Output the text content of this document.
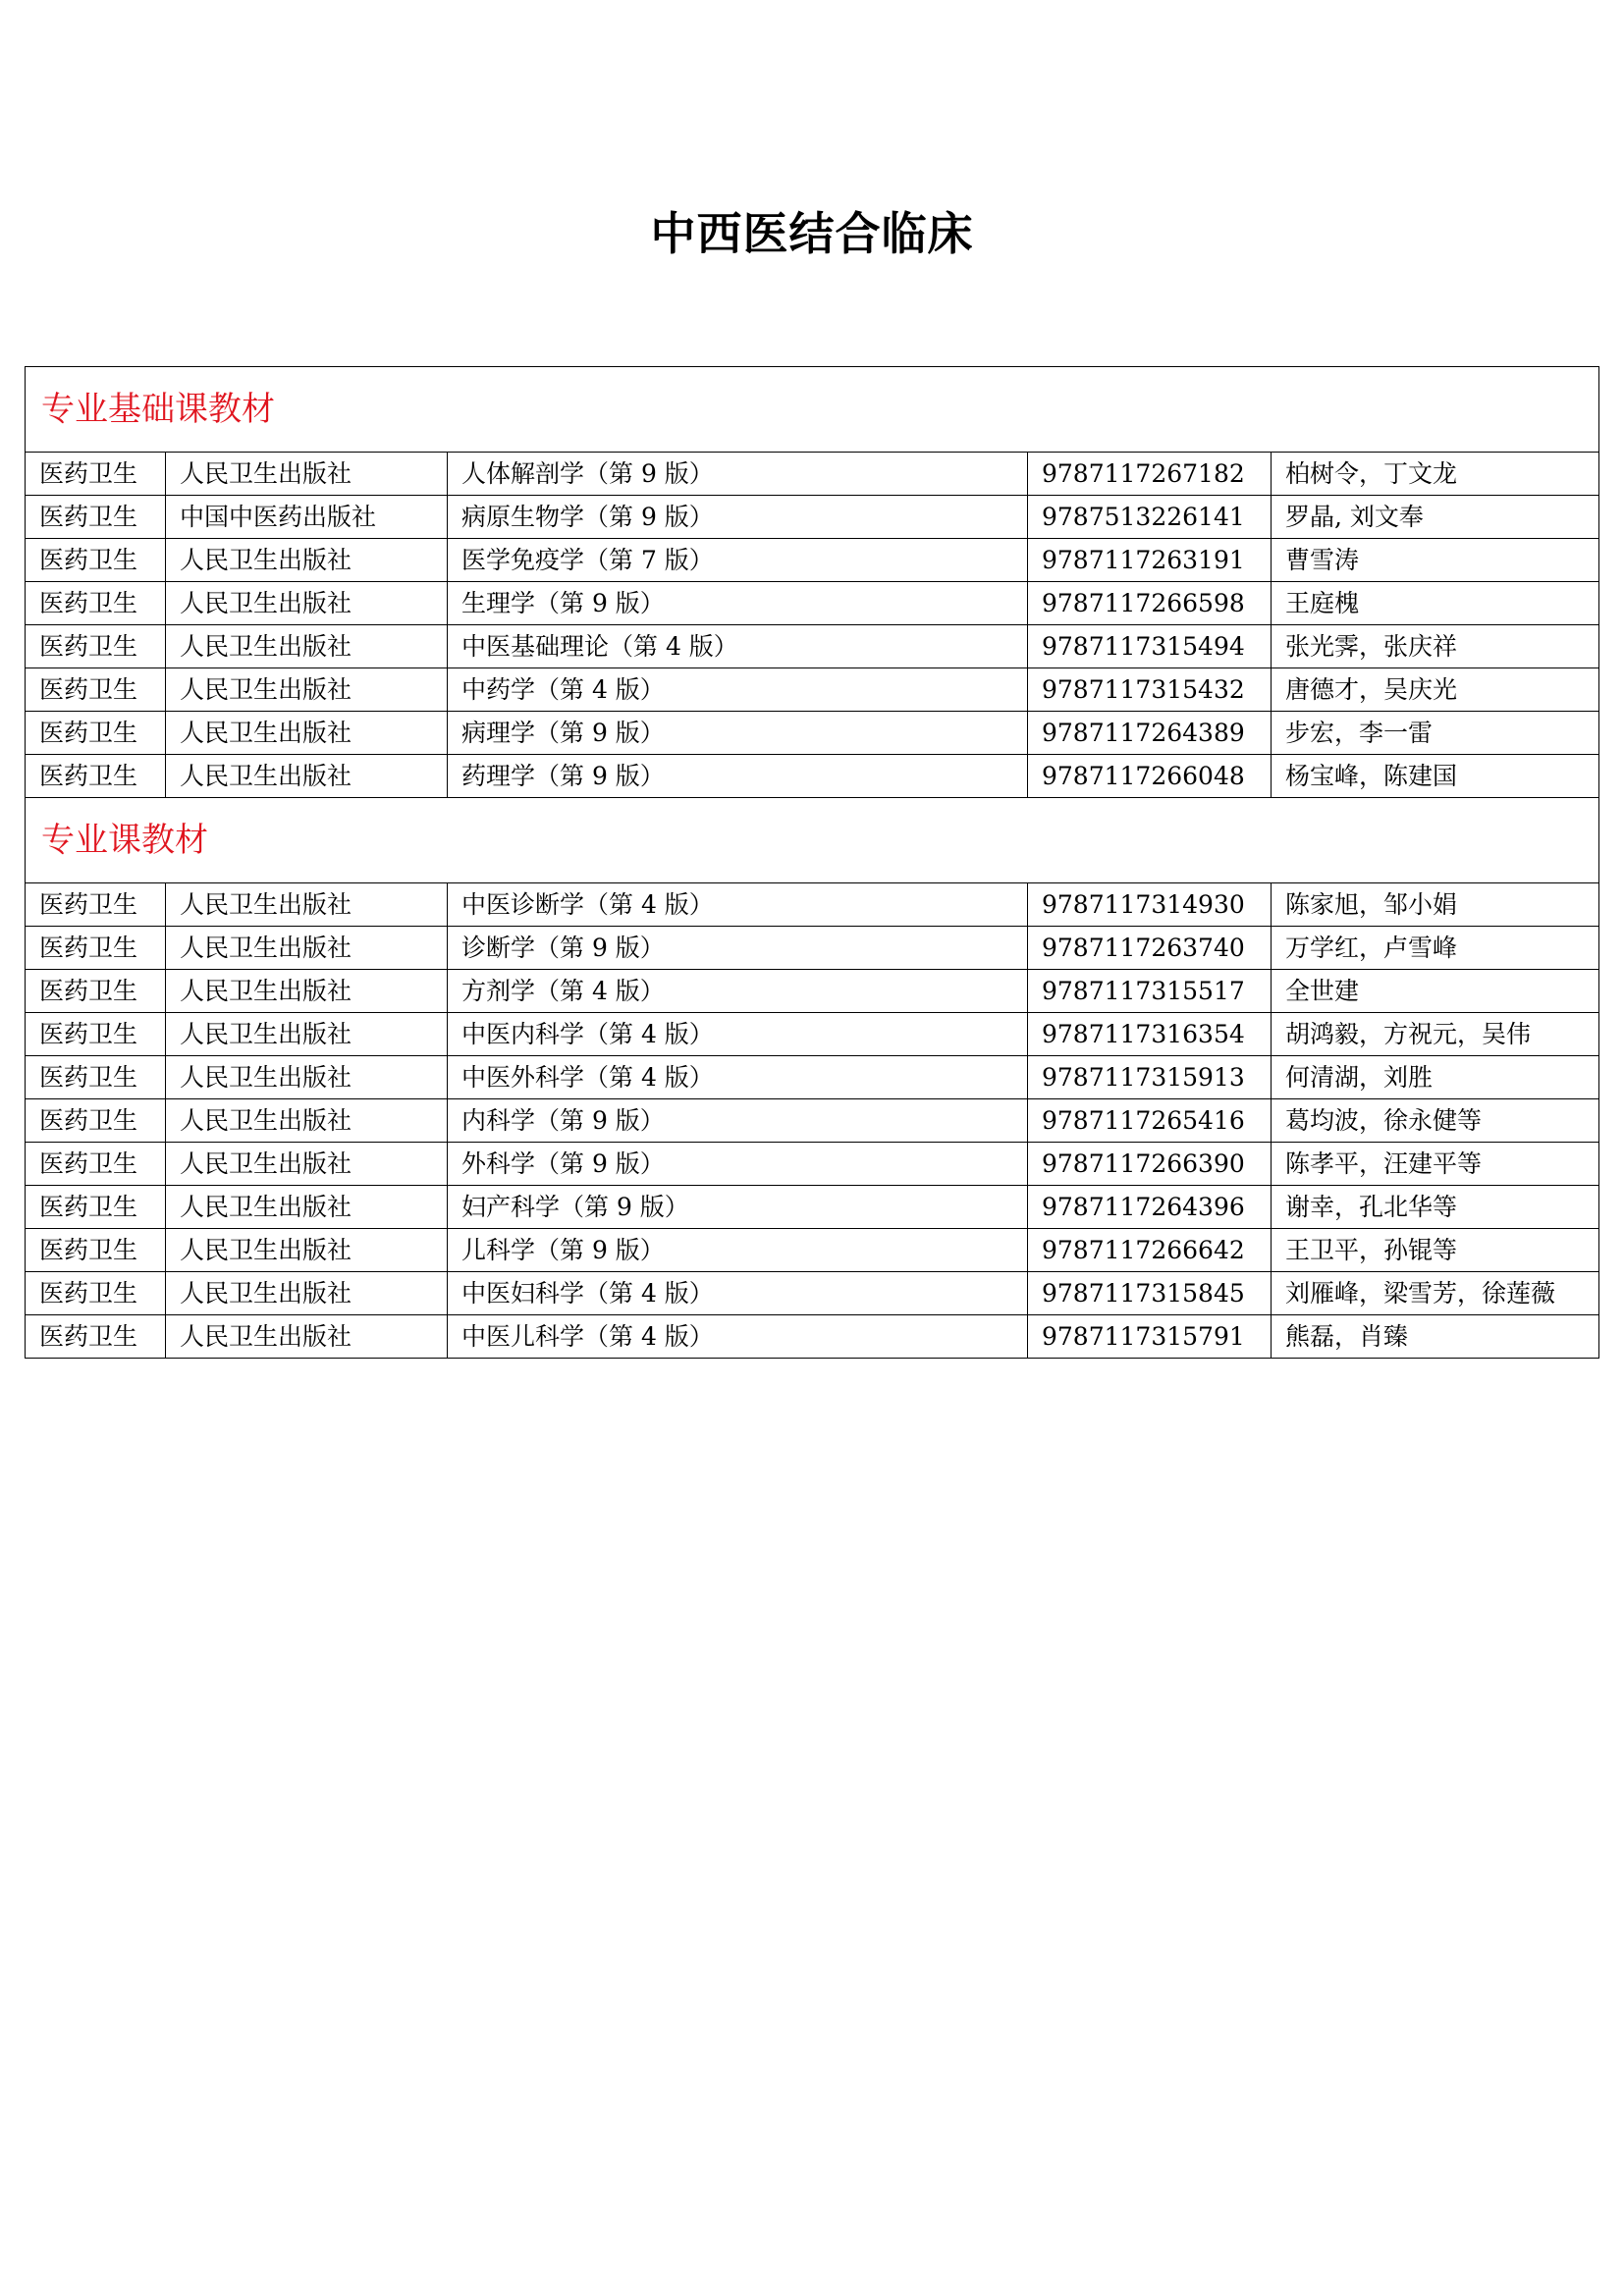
中西医结合临床
专业基础课教材				
医药卫生	人民卫生出版社	人体解剖学（第 9 版）	9787117267182	柏树令，丁文龙
医药卫生	中国中医药出版社	病原生物学（第 9 版）	9787513226141	罗晶, 刘文奉
医药卫生	人民卫生出版社	医学免疫学（第 7 版）	9787117263191	曹雪涛
医药卫生	人民卫生出版社	生理学（第 9 版）	9787117266598	王庭槐
医药卫生	人民卫生出版社	中医基础理论（第 4 版）	9787117315494	张光霁，张庆祥
医药卫生	人民卫生出版社	中药学（第 4 版）	9787117315432	唐德才，吴庆光
医药卫生	人民卫生出版社	病理学（第 9 版）	9787117264389	步宏，李一雷
医药卫生	人民卫生出版社	药理学（第 9 版）	9787117266048	杨宝峰，陈建国
专业课教材				
医药卫生	人民卫生出版社	中医诊断学（第 4 版）	9787117314930	陈家旭，邹小娟
医药卫生	人民卫生出版社	诊断学（第 9 版）	9787117263740	万学红，卢雪峰
医药卫生	人民卫生出版社	方剂学（第 4 版）	9787117315517	全世建
医药卫生	人民卫生出版社	中医内科学（第 4 版）	9787117316354	胡鸿毅，方祝元，吴伟
医药卫生	人民卫生出版社	中医外科学（第 4 版）	9787117315913	何清湖，刘胜
医药卫生	人民卫生出版社	内科学（第 9 版）	9787117265416	葛均波，徐永健等
医药卫生	人民卫生出版社	外科学（第 9 版）	9787117266390	陈孝平，汪建平等
医药卫生	人民卫生出版社	妇产科学（第 9 版）	9787117264396	谢幸，孔北华等
医药卫生	人民卫生出版社	儿科学（第 9 版）	9787117266642	王卫平，孙锟等
医药卫生	人民卫生出版社	中医妇科学（第 4 版）	9787117315845	刘雁峰，梁雪芳，徐莲薇
医药卫生	人民卫生出版社	中医儿科学（第 4 版）	9787117315791	熊磊，肖臻
